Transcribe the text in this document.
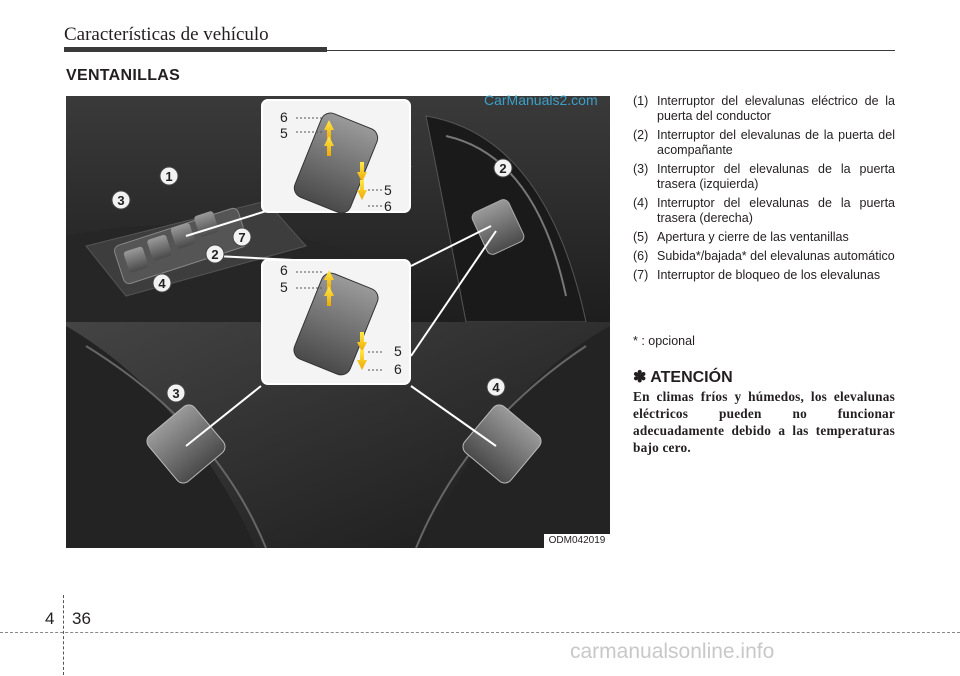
Características de vehículo
VENTANILLAS
6
5
5
6
6
5
5
6
1
2
3
2
7
4
3	4
ODM042019
CarManuals2.com	(1) Interruptor del elevalunas eléctrico de la puerta del conductor
(2) Interruptor del elevalunas de la puerta del acompañante
(3) Interruptor del elevalunas de la puerta trasera (izquierda)
(4) Interruptor del elevalunas de la puerta trasera (derecha)
(5) Apertura y cierre de las ventanillas
(6) Subida*/bajada* del elevalunas automático
(7) Interruptor de bloqueo de los elevalunas
* : opcional
✽ ATENCIÓN
En climas fríos y húmedos, los elevalunas eléctricos pueden no funcionar adecuadamente debido a las temperaturas bajo cero.
4 36
carmanualsonline.info
